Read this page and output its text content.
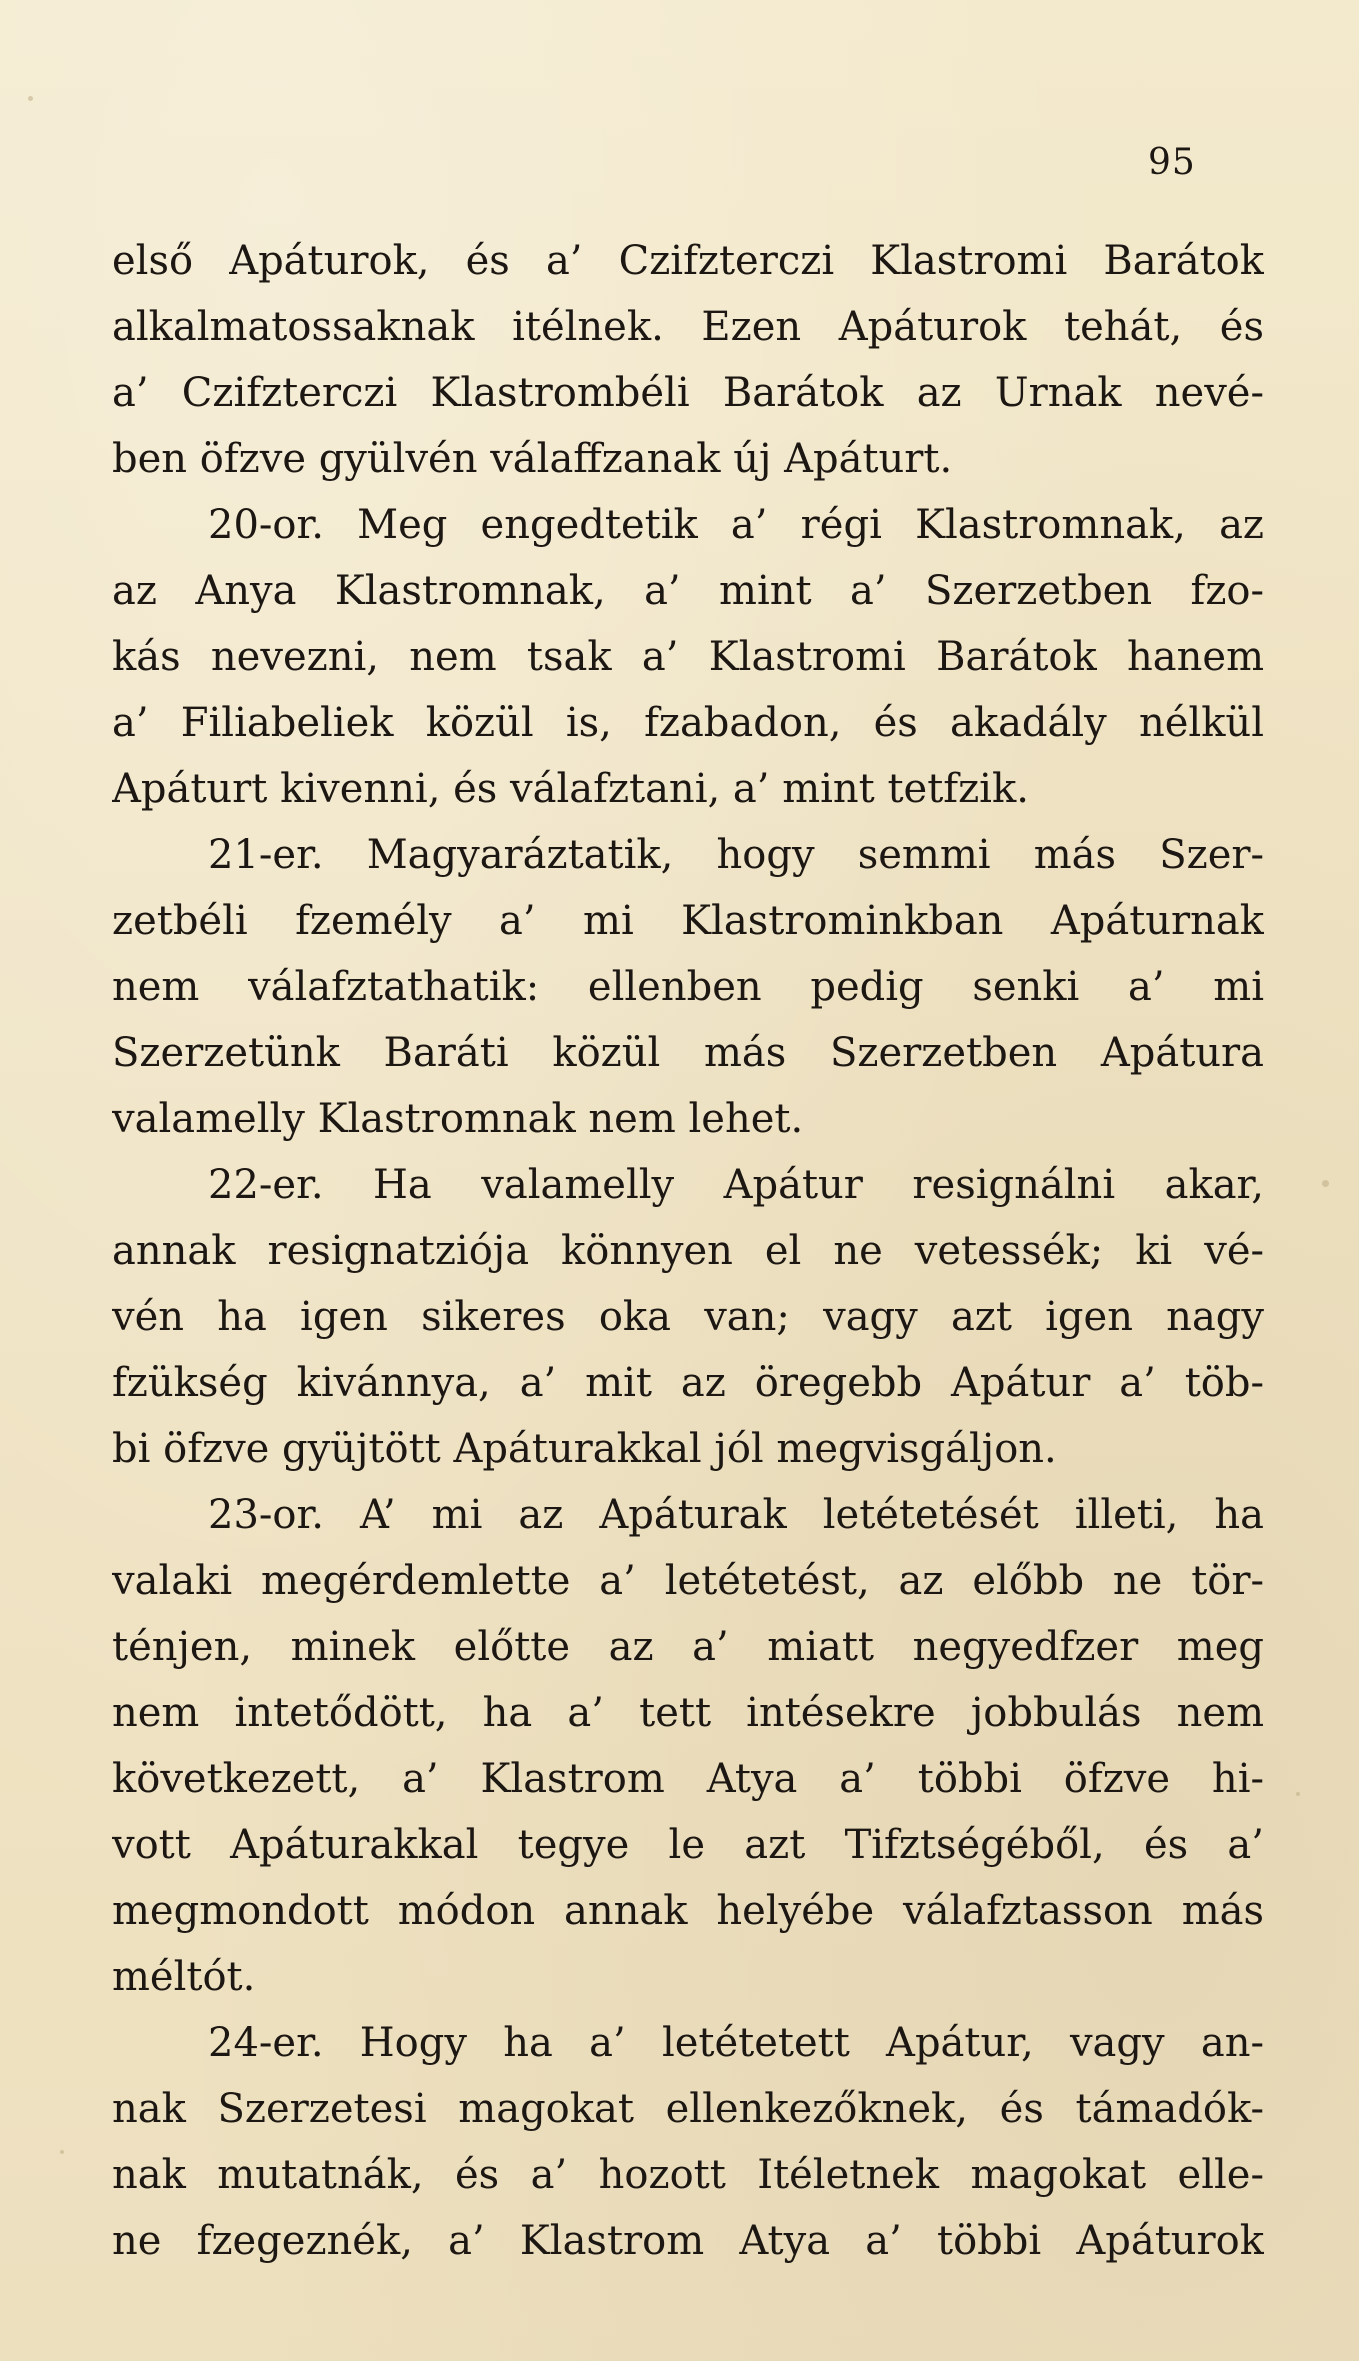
95
első Apáturok, és a’ Czifzterczi Klastromi Barátok
alkalmatossaknak itélnek. Ezen Apáturok tehát, és
a’ Czifzterczi Klastrombéli Barátok az Urnak nevé-
ben öfzve gyülvén válaffzanak új Apáturt.
20-or. Meg engedtetik a’ régi Klastromnak, az
az Anya Klastromnak, a’ mint a’ Szerzetben fzo-
kás nevezni, nem tsak a’ Klastromi Barátok hanem
a’ Filiabeliek közül is, fzabadon, és akadály nélkül
Apáturt kivenni, és válafztani, a’ mint tetfzik.
21-er. Magyaráztatik, hogy semmi más Szer-
zetbéli fzemély a’ mi Klastrominkban Apáturnak
nem válafztathatik: ellenben pedig senki a’ mi
Szerzetünk Baráti közül más Szerzetben Apátura
valamelly Klastromnak nem lehet.
22-er. Ha valamelly Apátur resignálni akar,
annak resignatziója könnyen el ne vetessék; ki vé-
vén ha igen sikeres oka van; vagy azt igen nagy
fzükség kivánnya, a’ mit az öregebb Apátur a’ töb-
bi öfzve gyüjtött Apáturakkal jól megvisgáljon.
23-or. A’ mi az Apáturak letétetését illeti, ha
valaki megérdemlette a’ letétetést, az előbb ne tör-
ténjen, minek előtte az a’ miatt negyedfzer meg
nem intetődött, ha a’ tett intésekre jobbulás nem
következett, a’ Klastrom Atya a’ többi öfzve hi-
vott Apáturakkal tegye le azt Tifztségéből, és a’
megmondott módon annak helyébe válafztasson más
méltót.
24-er. Hogy ha a’ letétetett Apátur, vagy an-
nak Szerzetesi magokat ellenkezőknek, és támadók-
nak mutatnák, és a’ hozott Itéletnek magokat elle-
ne fzegeznék, a’ Klastrom Atya a’ többi Apáturok
